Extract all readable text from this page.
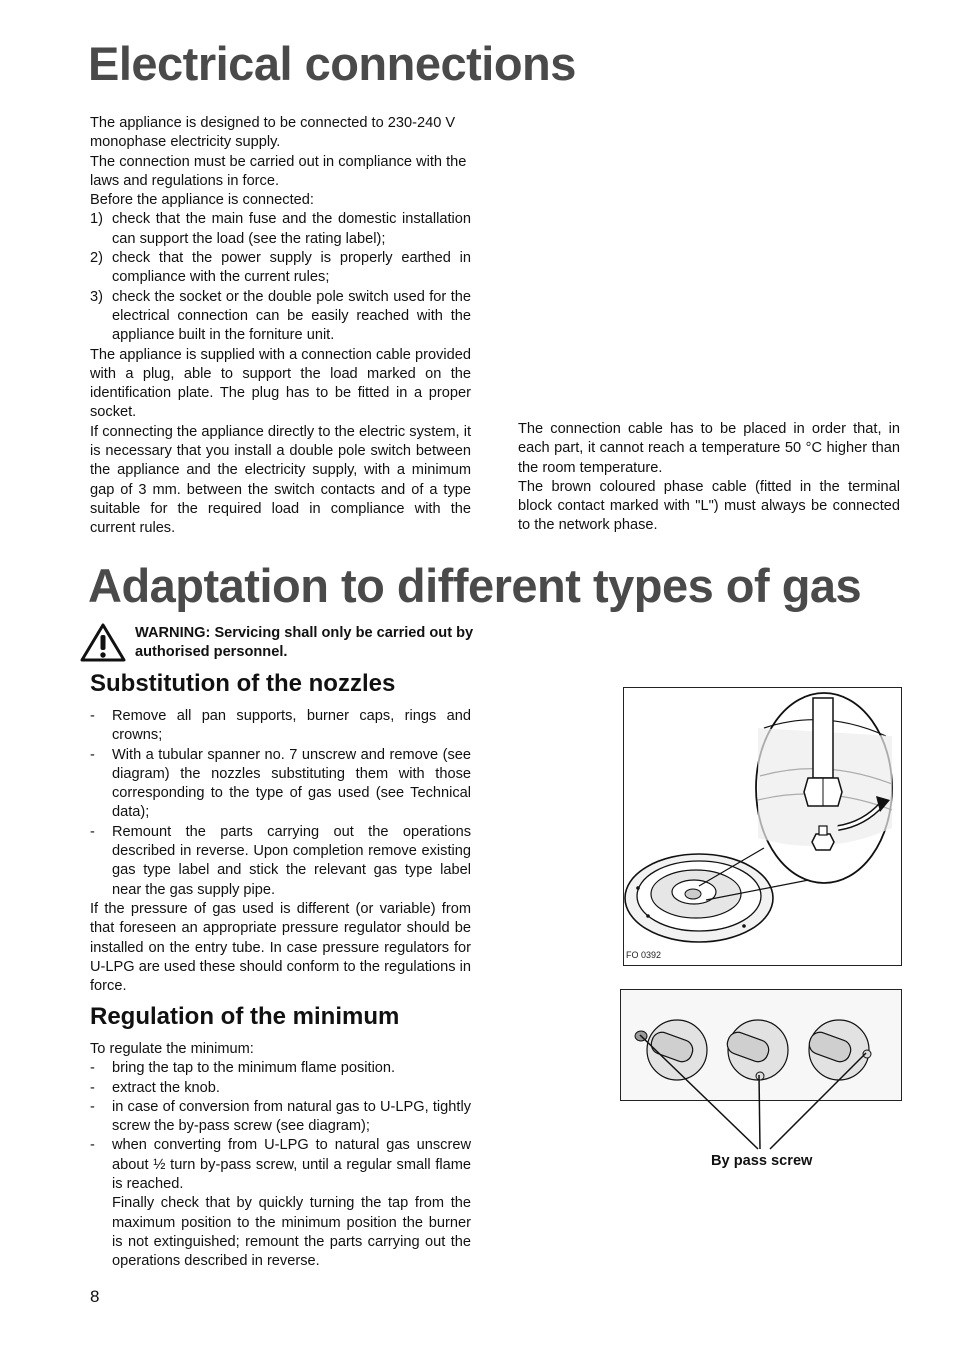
Electrical connections

The appliance is designed to be connected to 230-240 V monophase electricity supply.

The connection must be carried out in compliance with the laws and regulations in force.

Before the appliance is connected:

1) check that the main fuse and the domestic installation can support the load (see the rating label);
2) check that the power supply is properly earthed in compliance with the current rules;
3) check the socket or the double pole switch used for the electrical connection can be easily reached with the appliance built in the forniture unit.

The appliance is supplied with a connection cable provided with a plug, able to support the load marked on the identification plate. The plug has to be fitted in a proper socket.

If connecting the appliance directly to the electric system, it is necessary that you install a double pole switch between the appliance and the electricity supply, with a minimum gap of 3 mm. between the switch contacts and of a type suitable for the required load in compliance with the current rules.

The connection cable has to be placed in order that, in each part, it cannot reach a temperature 50 °C higher than the room temperature.

The brown coloured phase cable (fitted in the terminal block contact marked with "L") must always be connected to the network phase.

Adaptation to different types of gas
WARNING: Servicing shall only be carried out by authorised personnel.
Substitution of the nozzles
-	Remove all pan supports, burner caps, rings and crowns;
-	With a tubular spanner no. 7 unscrew and remove (see diagram) the nozzles substituting them with those corresponding to the type of gas used (see Technical data);
-	Remount the parts carrying out the operations described in reverse. Upon completion remove existing gas type label and stick the relevant gas type label near the gas supply pipe.

If the pressure of gas used is different (or variable) from that foreseen an appropriate pressure regulator should be installed on the entry tube. In case pressure regulators for U-LPG are used these should conform to the regulations in force.

Regulation of the minimum

To regulate the minimum:

-	bring the tap to the minimum flame position.
-	extract the knob.
-	in case of conversion from natural gas to U-LPG, tightly screw the by-pass screw (see diagram);
-	when converting from U-LPG to natural gas unscrew about ½ turn by-pass screw, until a regular small flame is reached.
Finally check that by quickly turning the tap from the maximum position to the minimum position the burner is not extinguished; remount the parts carrying out the operations described in reverse.
FO 0392
By pass screw
8
